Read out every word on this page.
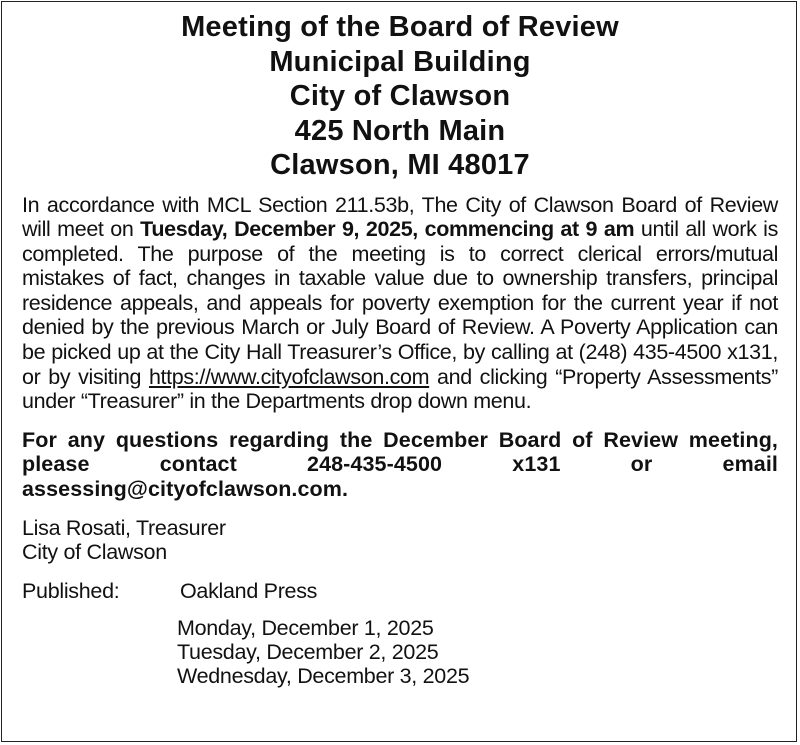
Meeting of the Board of Review
Municipal Building
City of Clawson
425 North Main
Clawson, MI 48017

In accordance with MCL Section 211.53b, The City of Clawson Board of Review will meet on Tuesday, December 9, 2025, commencing at 9 am until all work is completed. The purpose of the meeting is to correct clerical errors/mutual mistakes of fact, changes in taxable value due to ownership transfers, principal residence appeals, and appeals for poverty exemption for the current year if not denied by the previous March or July Board of Review. A Poverty Application can be picked up at the City Hall Treasurer’s Office, by calling at (248) 435-4500 x131, or by visiting https://www.cityofclawson.com and clicking “Property Assessments” under “Treasurer” in the Departments drop down menu.

For any questions regarding the December Board of Review meeting, please contact 248-435-4500 x131 or email assessing@cityofclawson.com.

Lisa Rosati, Treasurer
City of Clawson
Published:	Oakland Press
Monday, December 1, 2025
Tuesday, December 2, 2025
Wednesday, December 3, 2025
